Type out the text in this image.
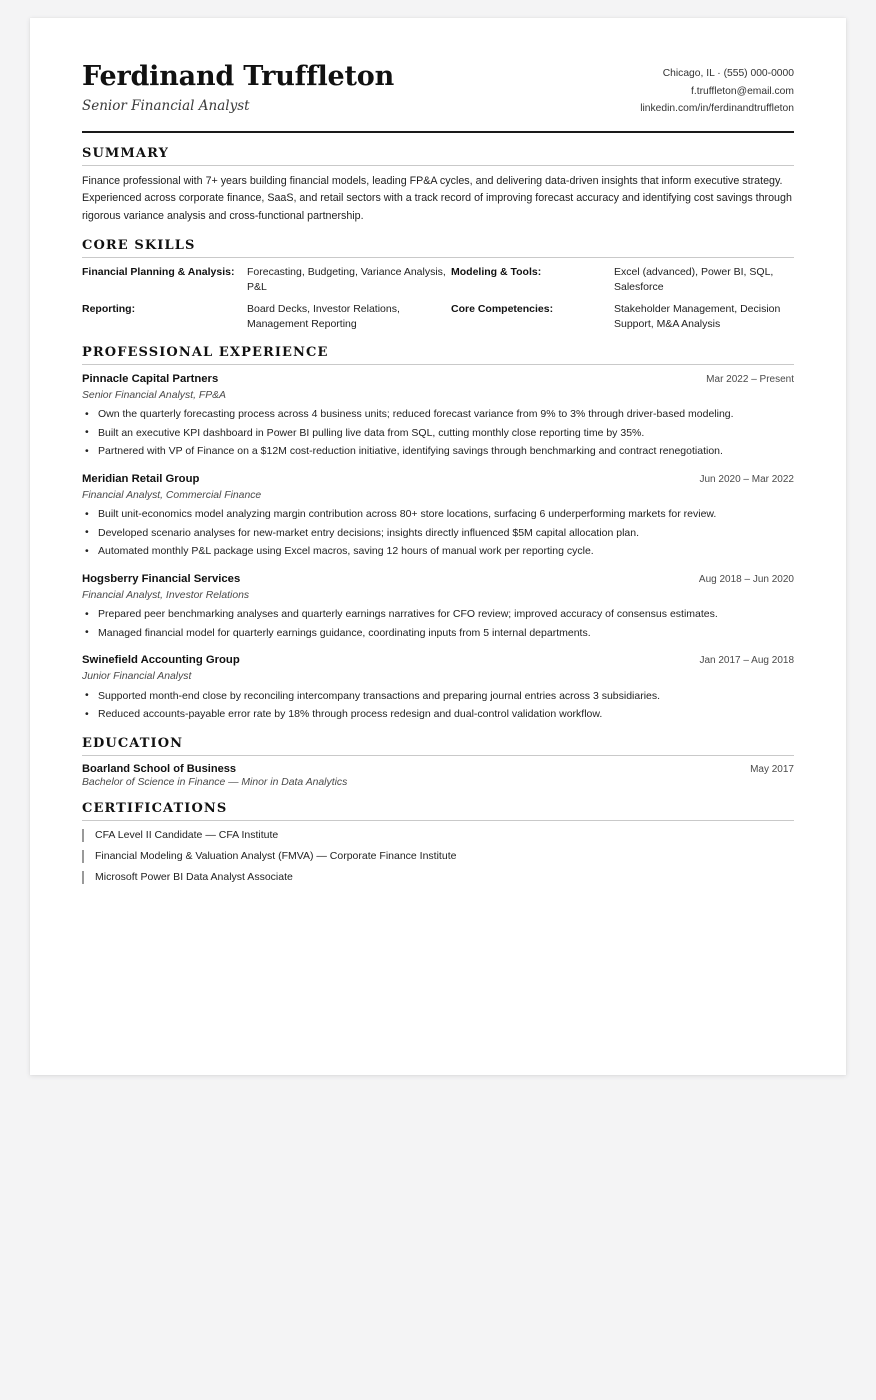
Ferdinand Truffleton
Senior Financial Analyst
Chicago, IL · (555) 000-0000
f.truffleton@email.com
linkedin.com/in/ferdinandtruffleton
SUMMARY

Finance professional with 7+ years building financial models, leading FP&A cycles, and delivering data-driven insights that inform executive strategy. Experienced across corporate finance, SaaS, and retail sectors with a track record of improving forecast accuracy and identifying cost savings through rigorous variance analysis and cross-functional partnership.

CORE SKILLS
Financial Planning & Analysis:	Forecasting, Budgeting, Variance Analysis, P&L
Modeling & Tools:	Excel (advanced), Power BI, SQL, Salesforce
Reporting:	Board Decks, Investor Relations, Management Reporting
Core Competencies:	Stakeholder Management, Decision Support, M&A Analysis
PROFESSIONAL EXPERIENCE
Pinnacle Capital Partners	Mar 2022 – Present
Senior Financial Analyst, FP&A
• Own the quarterly forecasting process across 4 business units; reduced forecast variance from 9% to 3% through driver-based modeling.
• Built an executive KPI dashboard in Power BI pulling live data from SQL, cutting monthly close reporting time by 35%.
• Partnered with VP of Finance on a $12M cost-reduction initiative, identifying savings through benchmarking and contract renegotiation.
Meridian Retail Group	Jun 2020 – Mar 2022
Financial Analyst, Commercial Finance
• Built unit-economics model analyzing margin contribution across 80+ store locations, surfacing 6 underperforming markets for review.
• Developed scenario analyses for new-market entry decisions; insights directly influenced $5M capital allocation plan.
• Automated monthly P&L package using Excel macros, saving 12 hours of manual work per reporting cycle.
Hogsberry Financial Services	Aug 2018 – Jun 2020
Financial Analyst, Investor Relations
• Prepared peer benchmarking analyses and quarterly earnings narratives for CFO review; improved accuracy of consensus estimates.
• Managed financial model for quarterly earnings guidance, coordinating inputs from 5 internal departments.
Swinefield Accounting Group	Jan 2017 – Aug 2018
Junior Financial Analyst
• Supported month-end close by reconciling intercompany transactions and preparing journal entries across 3 subsidiaries.
• Reduced accounts-payable error rate by 18% through process redesign and dual-control validation workflow.
EDUCATION
Boarland School of Business	May 2017
Bachelor of Science in Finance — Minor in Data Analytics
CERTIFICATIONS
CFA Level II Candidate — CFA Institute
Financial Modeling & Valuation Analyst (FMVA) — Corporate Finance Institute
Microsoft Power BI Data Analyst Associate
